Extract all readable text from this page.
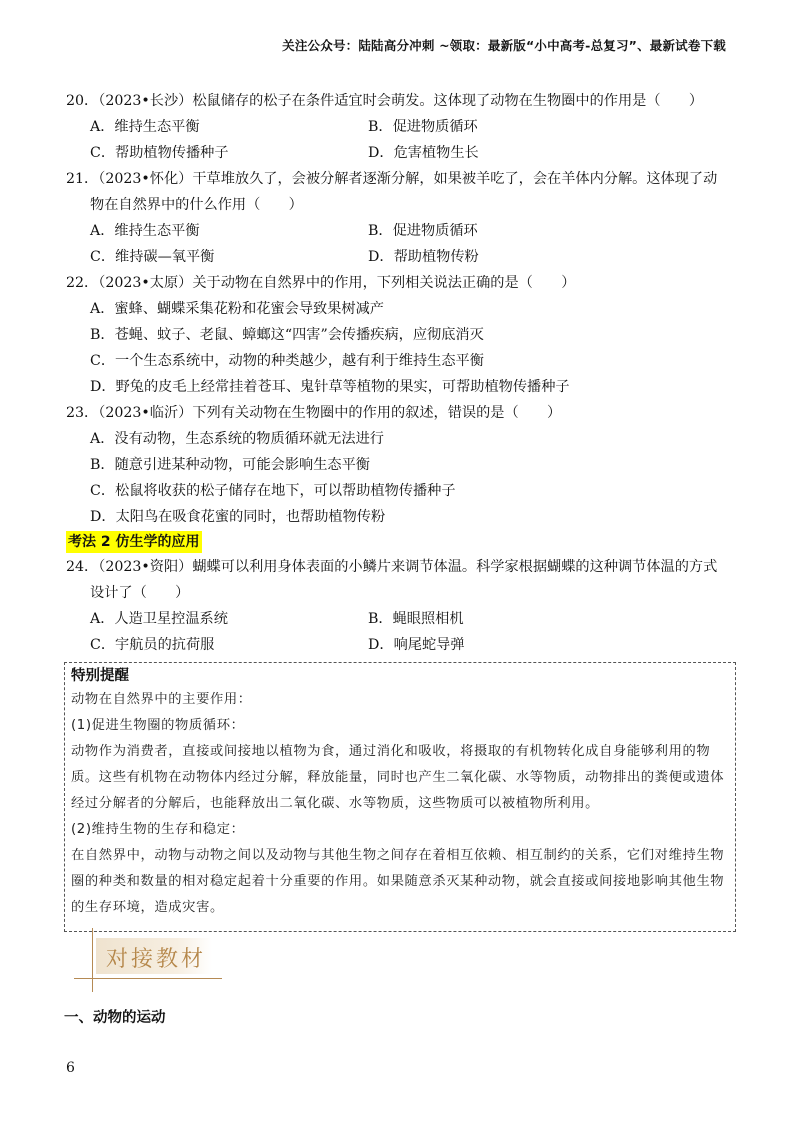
关注公众号：陆陆高分冲刺 ~领取：最新版“小中高考-总复习”、最新试卷下载

20．（2023•长沙）松鼠储存的松子在条件适宜时会萌发。这体现了动物在生物圈中的作用是（　　）

A．维持生态平衡	B．促进物质循环
C．帮助植物传播种子	D．危害植物生长

21．（2023•怀化）干草堆放久了，会被分解者逐渐分解，如果被羊吃了，会在羊体内分解。这体现了动

物在自然界中的什么作用（　　）

A．维持生态平衡	B．促进物质循环
C．维持碳—氧平衡	D．帮助植物传粉

22．（2023•太原）关于动物在自然界中的作用，下列相关说法正确的是（　　）

A．蜜蜂、蝴蝶采集花粉和花蜜会导致果树减产
B．苍蝇、蚊子、老鼠、蟑螂这“四害”会传播疾病，应彻底消灭
C．一个生态系统中，动物的种类越少，越有利于维持生态平衡
D．野兔的皮毛上经常挂着苍耳、鬼针草等植物的果实，可帮助植物传播种子

23．（2023•临沂）下列有关动物在生物圈中的作用的叙述，错误的是（　　）

A．没有动物，生态系统的物质循环就无法进行
B．随意引进某种动物，可能会影响生态平衡
C．松鼠将收获的松子储存在地下，可以帮助植物传播种子
D．太阳鸟在吸食花蜜的同时，也帮助植物传粉
考法 2 仿生学的应用

24．（2023•资阳）蝴蝶可以利用身体表面的小鳞片来调节体温。科学家根据蝴蝶的这种调节体温的方式

设计了（　　）

A．人造卫星控温系统	B．蝇眼照相机
C．宇航员的抗荷服	D．响尾蛇导弹
特别提醒

动物在自然界中的主要作用：

(1)促进生物圈的物质循环：

动物作为消费者，直接或间接地以植物为食，通过消化和吸收，将摄取的有机物转化成自身能够利用的物质。这些有机物在动物体内经过分解，释放能量，同时也产生二氧化碳、水等物质，动物排出的粪便或遗体经过分解者的分解后，也能释放出二氧化碳、水等物质，这些物质可以被植物所利用。

(2)维持生物的生存和稳定：

在自然界中，动物与动物之间以及动物与其他生物之间存在着相互依赖、相互制约的关系，它们对维持生物圈的种类和数量的相对稳定起着十分重要的作用。如果随意杀灭某种动物，就会直接或间接地影响其他生物的生存环境，造成灾害。

对接教材
一、动物的运动
6
